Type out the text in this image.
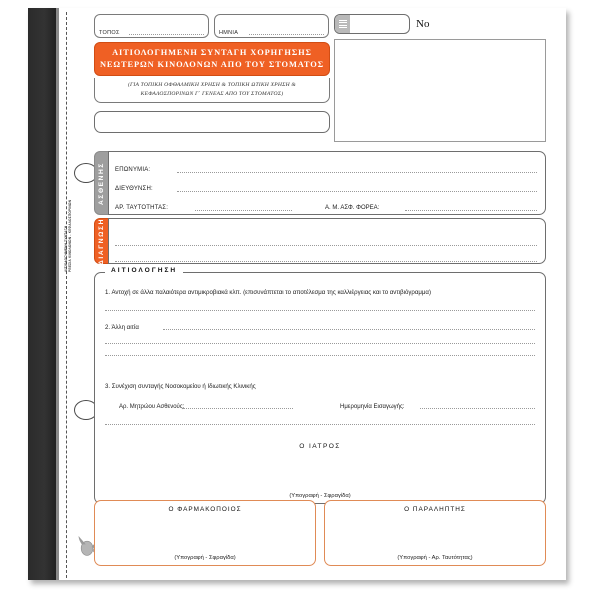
ΑΙΤΙΟΛΟΓΗΜΕΝΗ ΣΥΝΤΑΓΗ ΡΒΕΣΙΑ ΚΙΝΟΛΟΝΩΝ - ΚΕΦΑΛΟΣΠΟΡΙΝΩΝ
ΤΟΠΟΣ	ΗΜΝΙΑ
ΑΙΤΙΟΛΟΓΗΜΕΝΗ ΣΥΝΤΑΓΗ ΧΟΡΗΓΗΣΗΣ
ΝΕΩΤΕΡΩΝ ΚΙΝΟΛΟΝΩΝ ΑΠΟ ΤΟΥ ΣΤΟΜΑΤΟΣ
(ΓΙΑ ΤΟΠΙΚΗ ΟΦΘΑΛΜΙΚΗ ΧΡΗΣΗ & ΤΟΠΙΚΗ ΩΤΙΚΗ ΧΡΗΣΗ &
ΚΕΦΑΛΟΣΠΟΡΙΝΩΝ Γ΄ ΓΕΝΕΑΣ ΑΠΟ ΤΟΥ ΣΤΟΜΑΤΟΣ)
Νο
ΑΣΘΕΝΗΣ ΕΠΩΝΥΜΙΑ:
ΔΙΕΥΘΥΝΣΗ:
ΑΡ. ΤΑΥΤΟΤΗΤΑΣ:	Α. Μ. ΑΣΦ. ΦΟΡΕΑ:
ΔΙΑΓΝΩΣΗ
ΑΙΤΙΟΛΟΓΗΣΗ
1. Αντοχή σε άλλα παλαιότερα αντιμικροβιακά κλπ. (επισυνάπτεται το αποτέλεσμα της καλλιέργειας και το αντιβιόγραμμα)
2. Άλλη αιτία
3. Συνέχιση συνταγής Νοσοκομείου ή Ιδιωτικής Κλινικής
Αρ. Μητρώου Ασθενούς:	Ημερομηνία Εισαγωγής:
Ο ΙΑΤΡΟΣ
(Υπογραφή - Σφραγίδα)
Ο ΦΑΡΜΑΚΟΠΟΙΟΣ
(Υπογραφή - Σφραγίδα)
Ο ΠΑΡΑΛΗΠΤΗΣ
(Υπογραφή - Αρ. Ταυτότητας)
